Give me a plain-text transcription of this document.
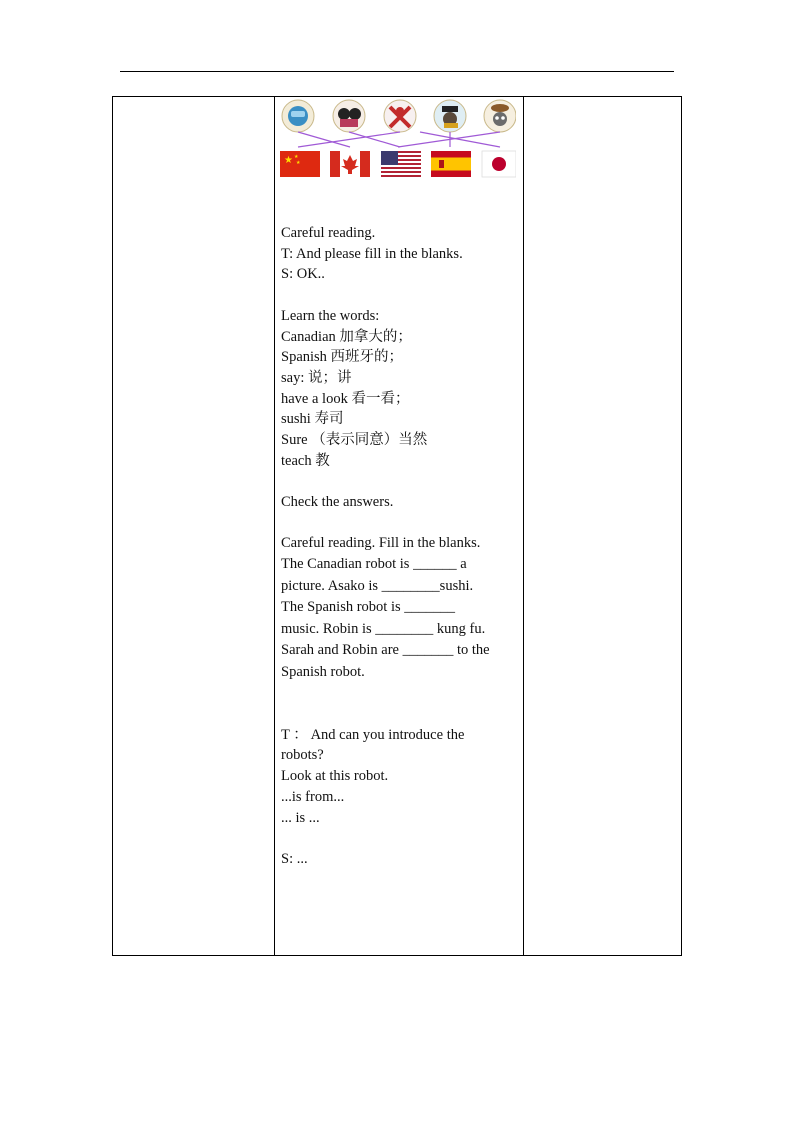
★ ★
★
Careful reading.
T: And please fill in the blanks.
S: OK..
Learn the words:
Canadian 加拿大的；
Spanish 西班牙的；
say: 说；讲
have a look 看一看；
sushi 寿司
Sure （表示同意）当然
teach 教
Check the answers.
Careful reading. Fill in the blanks.
The Canadian robot is ______ a
picture. Asako is ________sushi.
The Spanish robot is _______
music. Robin is ________ kung fu.
Sarah and Robin are _______ to the
Spanish robot.
T ： And can you introduce the
robots?
Look at this robot.
...is from...
... is ...
S: ...
